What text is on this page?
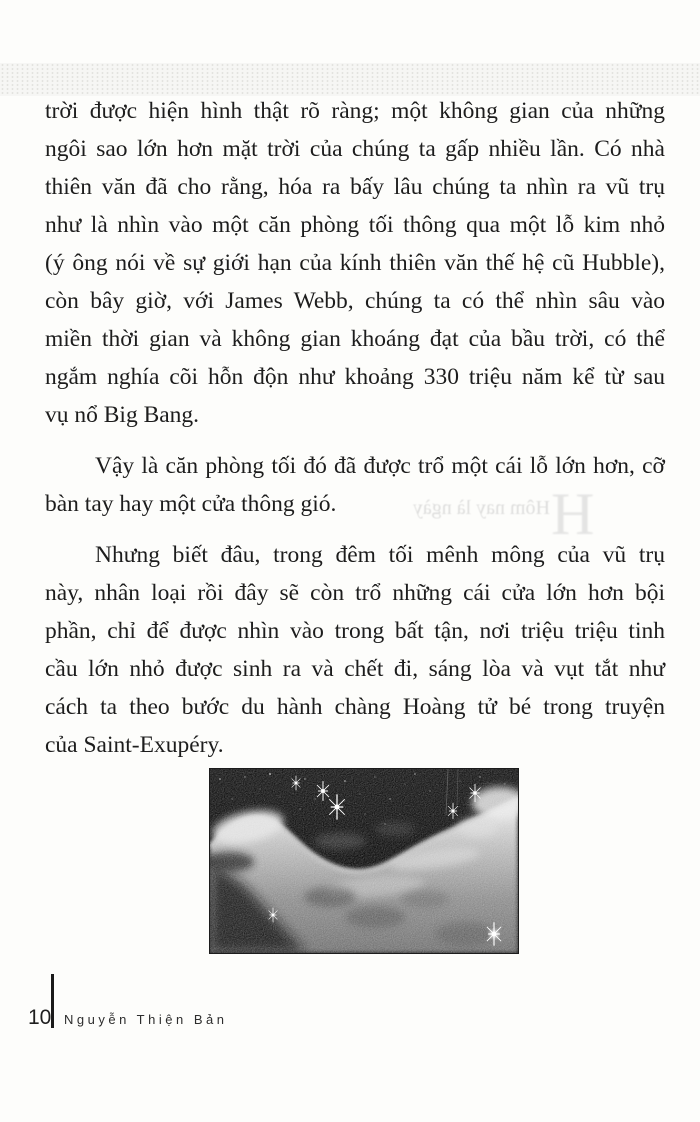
trời được hiện hình thật rõ ràng; một không gian của những
ngôi sao lớn hơn mặt trời của chúng ta gấp nhiều lần. Có nhà
thiên văn đã cho rằng, hóa ra bấy lâu chúng ta nhìn ra vũ trụ
như là nhìn vào một căn phòng tối thông qua một lỗ kim nhỏ
(ý ông nói về sự giới hạn của kính thiên văn thế hệ cũ Hubble),
còn bây giờ, với James Webb, chúng ta có thể nhìn sâu vào
miền thời gian và không gian khoáng đạt của bầu trời, có thể
ngắm nghía cõi hỗn độn như khoảng 330 triệu năm kể từ sau
vụ nổ Big Bang.
Vậy là căn phòng tối đó đã được trổ một cái lỗ lớn hơn, cỡ
bàn tay hay một cửa thông gió.
Nhưng biết đâu, trong đêm tối mênh mông của vũ trụ
này, nhân loại rồi đây sẽ còn trổ những cái cửa lớn hơn bội
phần, chỉ để được nhìn vào trong bất tận, nơi triệu triệu tinh
cầu lớn nhỏ được sinh ra và chết đi, sáng lòa và vụt tắt như
cách ta theo bước du hành chàng Hoàng tử bé trong truyện
của Saint-Exupéry.
Hôm nay là ngày H
10 Nguyễn Thiện Bản
